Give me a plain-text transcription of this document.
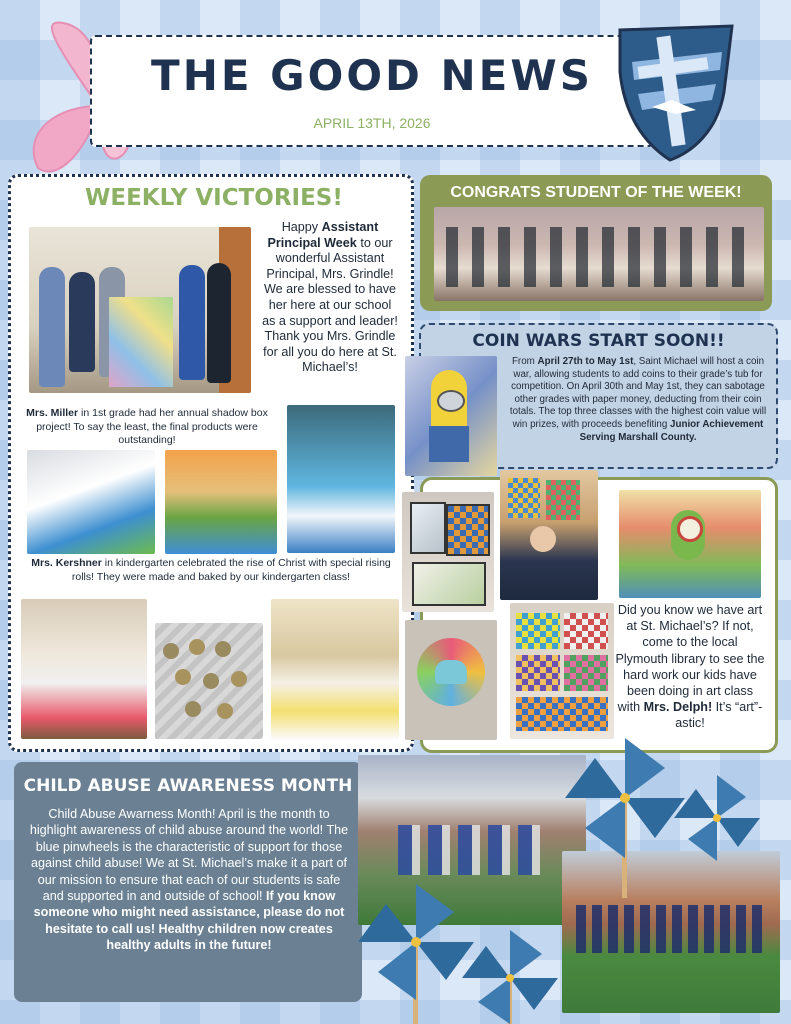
THE GOOD NEWS
APRIL 13TH, 2026
WEEKLY VICTORIES!
Happy Assistant Principal Week to our wonderful Assistant Principal, Mrs. Grindle! We are blessed to have her here at our school as a support and leader! Thank you Mrs. Grindle for all you do here at St. Michael’s!
Mrs. Miller in 1st grade had her annual shadow box project! To say the least, the final products were outstanding!
Mrs. Kershner in kindergarten celebrated the rise of Christ with special rising rolls! They were made and baked by our kindergarten class!
CONGRATS STUDENT OF THE WEEK!
COIN WARS START SOON!!
From April 27th to May 1st, Saint Michael will host a coin war, allowing students to add coins to their grade’s tub for competition. On April 30th and May 1st, they can sabotage other grades with paper money, deducting from their coin totals. The top three classes with the highest coin value will win prizes, with proceeds benefiting Junior Achievement Serving Marshall County.
Did you know we have art at St. Michael’s? If not, come to the local Plymouth library to see the hard work our kids have been doing in art class with Mrs. Delph! It’s “art”-astic!
CHILD ABUSE AWARENESS MONTH
Child Abuse Awarness Month! April is the month to highlight awareness of child abuse around the world! The blue pinwheels is the characteristic of support for those against child abuse! We at St. Michael’s make it a part of our mission to ensure that each of our students is safe and supported in and outside of school! If you know someone who might need assistance, please do not hesitate to call us! Healthy children now creates healthy adults in the future!
